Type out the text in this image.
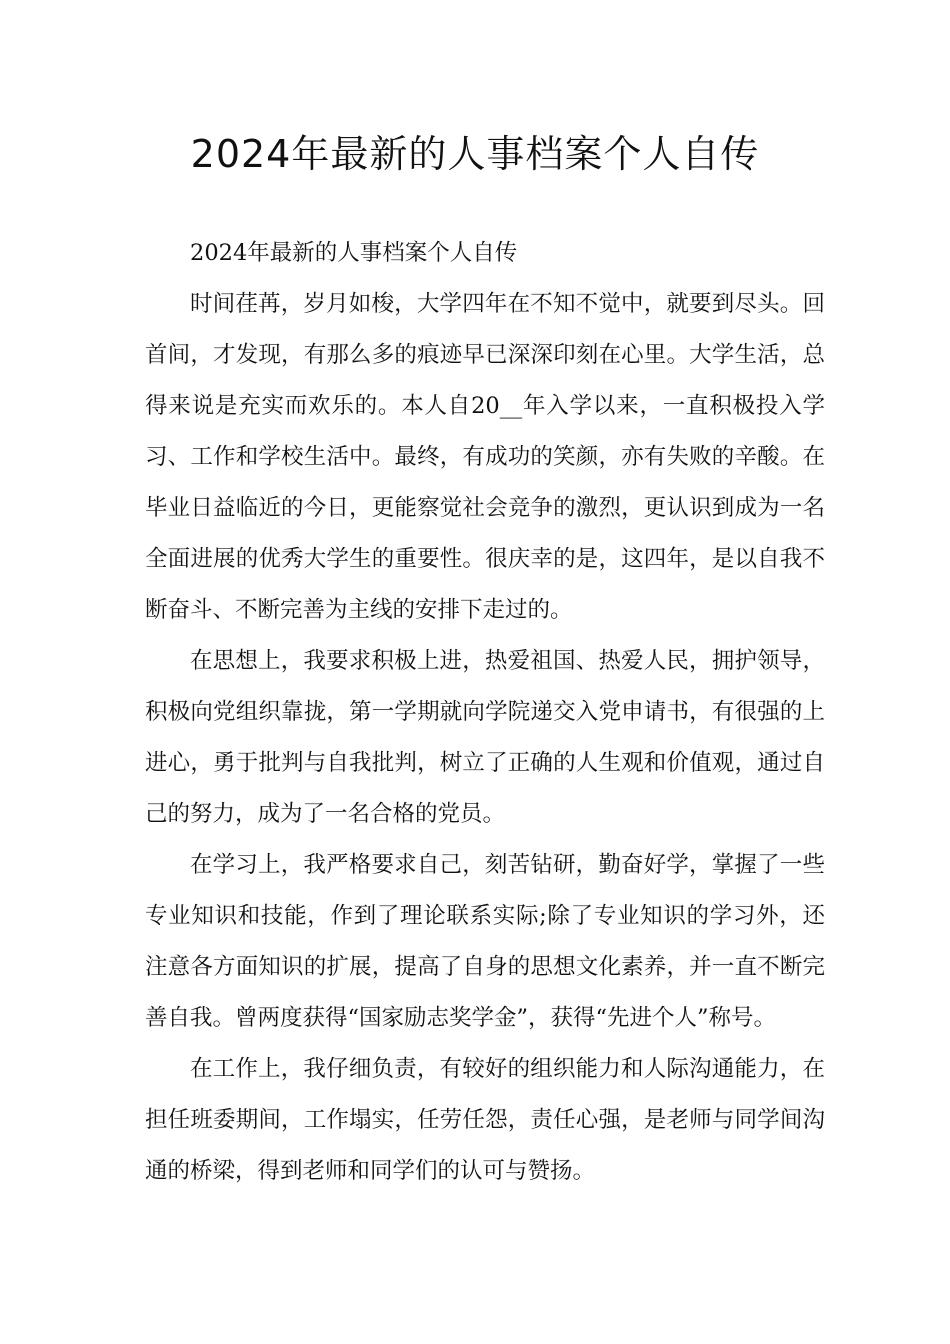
2024年最新的人事档案个人自传

2024年最新的人事档案个人自传

时间荏苒，岁月如梭，大学四年在不知不觉中，就要到尽头。回首间，才发现，有那么多的痕迹早已深深印刻在心里。大学生活，总得来说是充实而欢乐的。本人自20__年入学以来，一直积极投入学习、工作和学校生活中。最终，有成功的笑颜，亦有失败的辛酸。在毕业日益临近的今日，更能察觉社会竞争的激烈，更认识到成为一名全面进展的优秀大学生的重要性。很庆幸的是，这四年，是以自我不断奋斗、不断完善为主线的安排下走过的。

在思想上，我要求积极上进，热爱祖国、热爱人民，拥护领导，积极向党组织靠拢，第一学期就向学院递交入党申请书，有很强的上进心，勇于批判与自我批判，树立了正确的人生观和价值观，通过自己的努力，成为了一名合格的党员。

在学习上，我严格要求自己，刻苦钻研，勤奋好学，掌握了一些专业知识和技能，作到了理论联系实际;除了专业知识的学习外，还注意各方面知识的扩展，提高了自身的思想文化素养，并一直不断完善自我。曾两度获得“国家励志奖学金”，获得“先进个人”称号。

在工作上，我仔细负责，有较好的组织能力和人际沟通能力，在担任班委期间，工作塌实，任劳任怨，责任心强，是老师与同学间沟通的桥梁，得到老师和同学们的认可与赞扬。
